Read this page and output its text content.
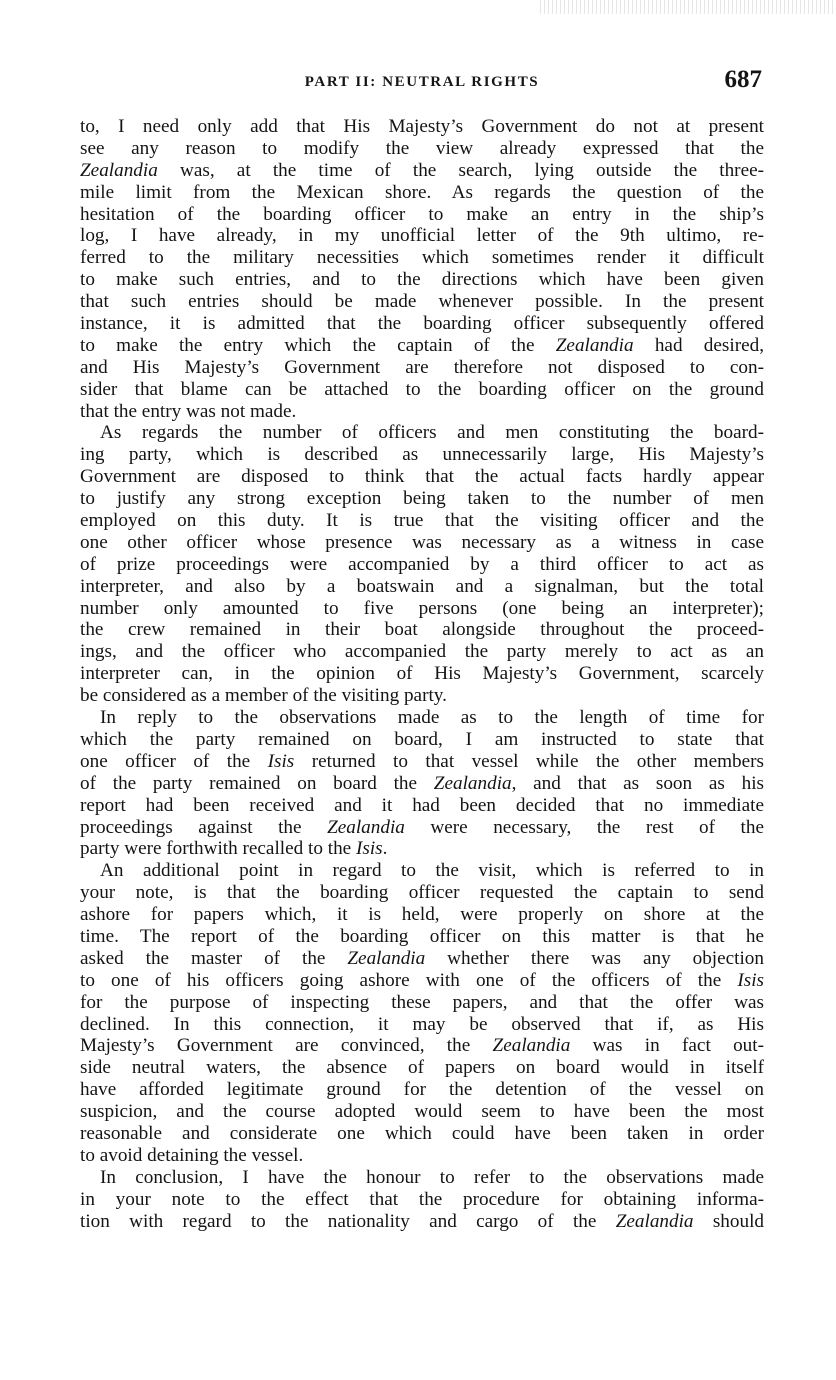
PART II: NEUTRAL RIGHTS	687
to, I need only add that His Majesty’s Government do not at present
see any reason to modify the view already expressed that the
Zealandia was, at the time of the search, lying outside the three-
mile limit from the Mexican shore. As regards the question of the
hesitation of the boarding officer to make an entry in the ship’s
log, I have already, in my unofficial letter of the 9th ultimo, re-
ferred to the military necessities which sometimes render it difficult
to make such entries, and to the directions which have been given
that such entries should be made whenever possible. In the present
instance, it is admitted that the boarding officer subsequently offered
to make the entry which the captain of the Zealandia had desired,
and His Majesty’s Government are therefore not disposed to con-
sider that blame can be attached to the boarding officer on the ground
that the entry was not made.
As regards the number of officers and men constituting the board-
ing party, which is described as unnecessarily large, His Majesty’s
Government are disposed to think that the actual facts hardly appear
to justify any strong exception being taken to the number of men
employed on this duty. It is true that the visiting officer and the
one other officer whose presence was necessary as a witness in case
of prize proceedings were accompanied by a third officer to act as
interpreter, and also by a boatswain and a signalman, but the total
number only amounted to five persons (one being an interpreter);
the crew remained in their boat alongside throughout the proceed-
ings, and the officer who accompanied the party merely to act as an
interpreter can, in the opinion of His Majesty’s Government, scarcely
be considered as a member of the visiting party.
In reply to the observations made as to the length of time for
which the party remained on board, I am instructed to state that
one officer of the Isis returned to that vessel while the other members
of the party remained on board the Zealandia, and that as soon as his
report had been received and it had been decided that no immediate
proceedings against the Zealandia were necessary, the rest of the
party were forthwith recalled to the Isis.
An additional point in regard to the visit, which is referred to in
your note, is that the boarding officer requested the captain to send
ashore for papers which, it is held, were properly on shore at the
time. The report of the boarding officer on this matter is that he
asked the master of the Zealandia whether there was any objection
to one of his officers going ashore with one of the officers of the Isis
for the purpose of inspecting these papers, and that the offer was
declined. In this connection, it may be observed that if, as His
Majesty’s Government are convinced, the Zealandia was in fact out-
side neutral waters, the absence of papers on board would in itself
have afforded legitimate ground for the detention of the vessel on
suspicion, and the course adopted would seem to have been the most
reasonable and considerate one which could have been taken in order
to avoid detaining the vessel.
In conclusion, I have the honour to refer to the observations made
in your note to the effect that the procedure for obtaining informa-
tion with regard to the nationality and cargo of the Zealandia should
